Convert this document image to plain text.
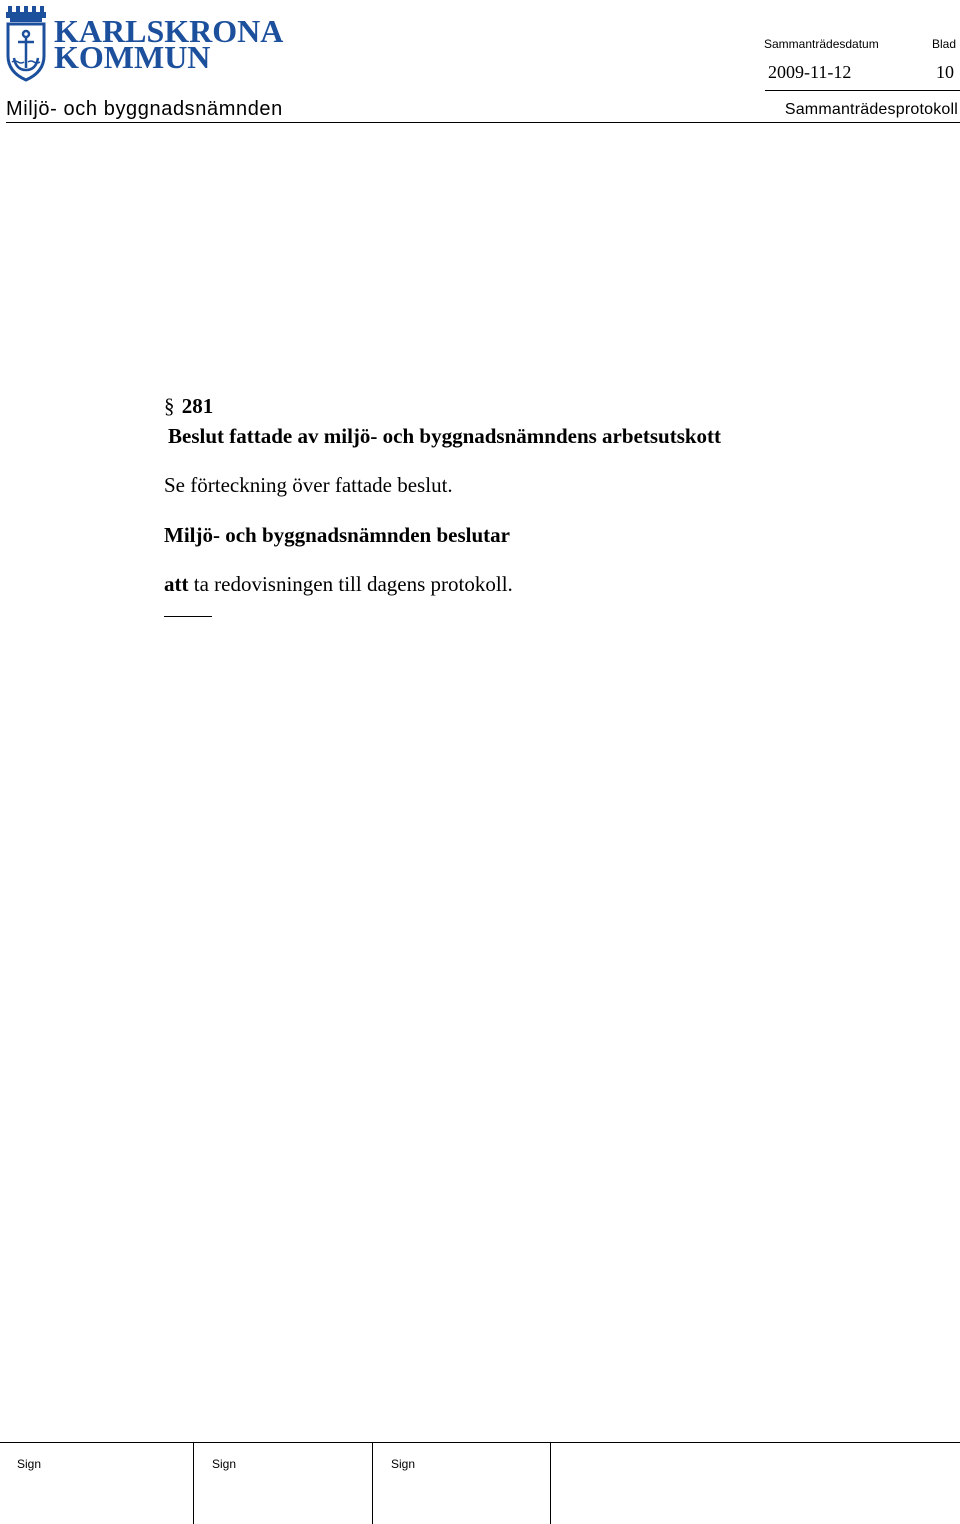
KARLSKRONA
KOMMUN	Sammanträdesdatum	Blad
2009-11-12	10
Miljö- och byggnadsnämnden	Sammanträdesprotokoll
§ 281
Beslut fattade av miljö- och byggnadsnämndens arbetsutskott
Se förteckning över fattade beslut.
Miljö- och byggnadsnämnden beslutar
att ta redovisningen till dagens protokoll.
Sign	Sign	Sign
